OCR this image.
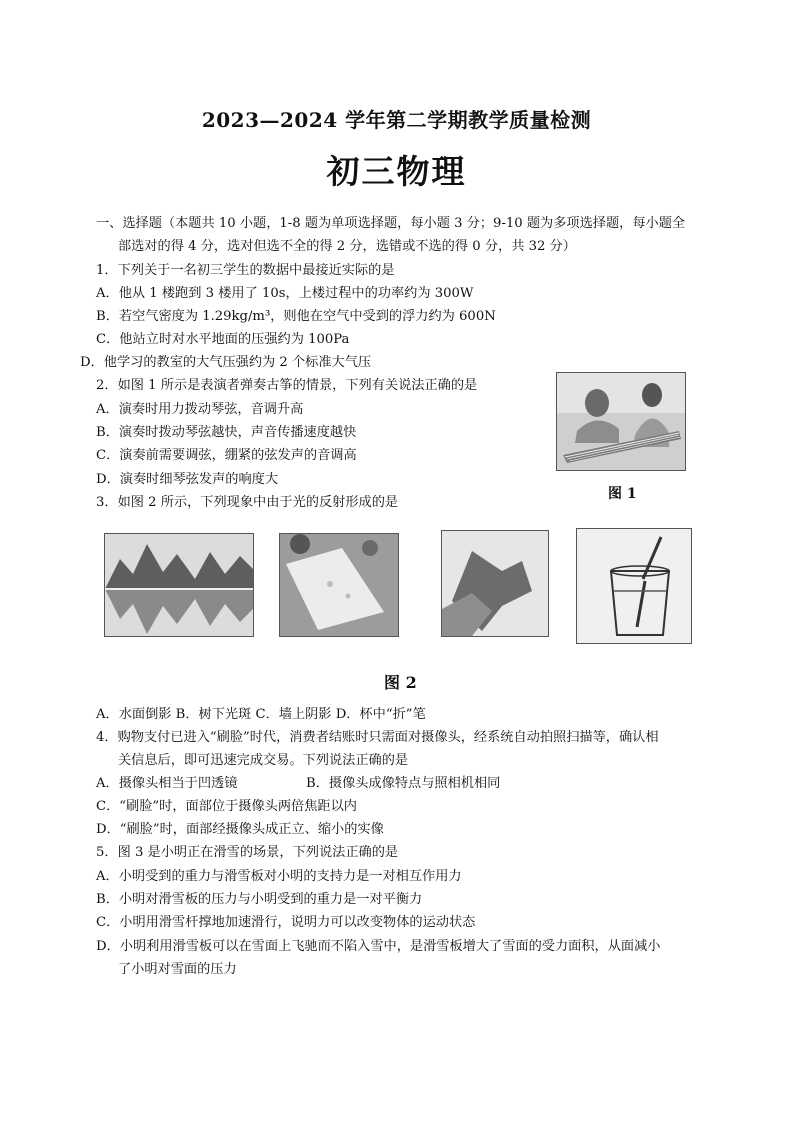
2023—2024 学年第二学期教学质量检测
初三物理
一、选择题（本题共 10 小题，1-8 题为单项选择题，每小题 3 分；9-10 题为多项选择题，每小题全
部选对的得 4 分，选对但选不全的得 2 分，选错或不选的得 0 分，共 32 分）
1．下列关于一名初三学生的数据中最接近实际的是
A．他从 1 楼跑到 3 楼用了 10s，上楼过程中的功率约为 300W
B．若空气密度为 1.29kg/m³，则他在空气中受到的浮力约为 600N
C．他站立时对水平地面的压强约为 100Pa
D．他学习的教室的大气压强约为 2 个标准大气压
2．如图 1 所示是表演者弹奏古筝的情景，下列有关说法正确的是
A．演奏时用力拨动琴弦，音调升高
B．演奏时拨动琴弦越快，声音传播速度越快
C．演奏前需要调弦，绷紧的弦发声的音调高
D．演奏时细琴弦发声的响度大
图 1
3．如图 2 所示，下列现象中由于光的反射形成的是
图 2
A．水面倒影 B．树下光斑 C．墙上阴影 D．杯中“折”笔
4．购物支付已进入“刷脸”时代，消费者结账时只需面对摄像头，经系统自动拍照扫描等，确认相
关信息后，即可迅速完成交易。下列说法正确的是
A．摄像头相当于凹透镜	B．摄像头成像特点与照相机相同
C．“刷脸”时，面部位于摄像头两倍焦距以内
D．“刷脸”时，面部经摄像头成正立、缩小的实像
5．图 3 是小明正在滑雪的场景，下列说法正确的是
A．小明受到的重力与滑雪板对小明的支持力是一对相互作用力
B．小明对滑雪板的压力与小明受到的重力是一对平衡力
C．小明用滑雪杆撑地加速滑行，说明力可以改变物体的运动状态
D．小明利用滑雪板可以在雪面上飞驰而不陷入雪中，是滑雪板增大了雪面的受力面积，从面减小
了小明对雪面的压力
